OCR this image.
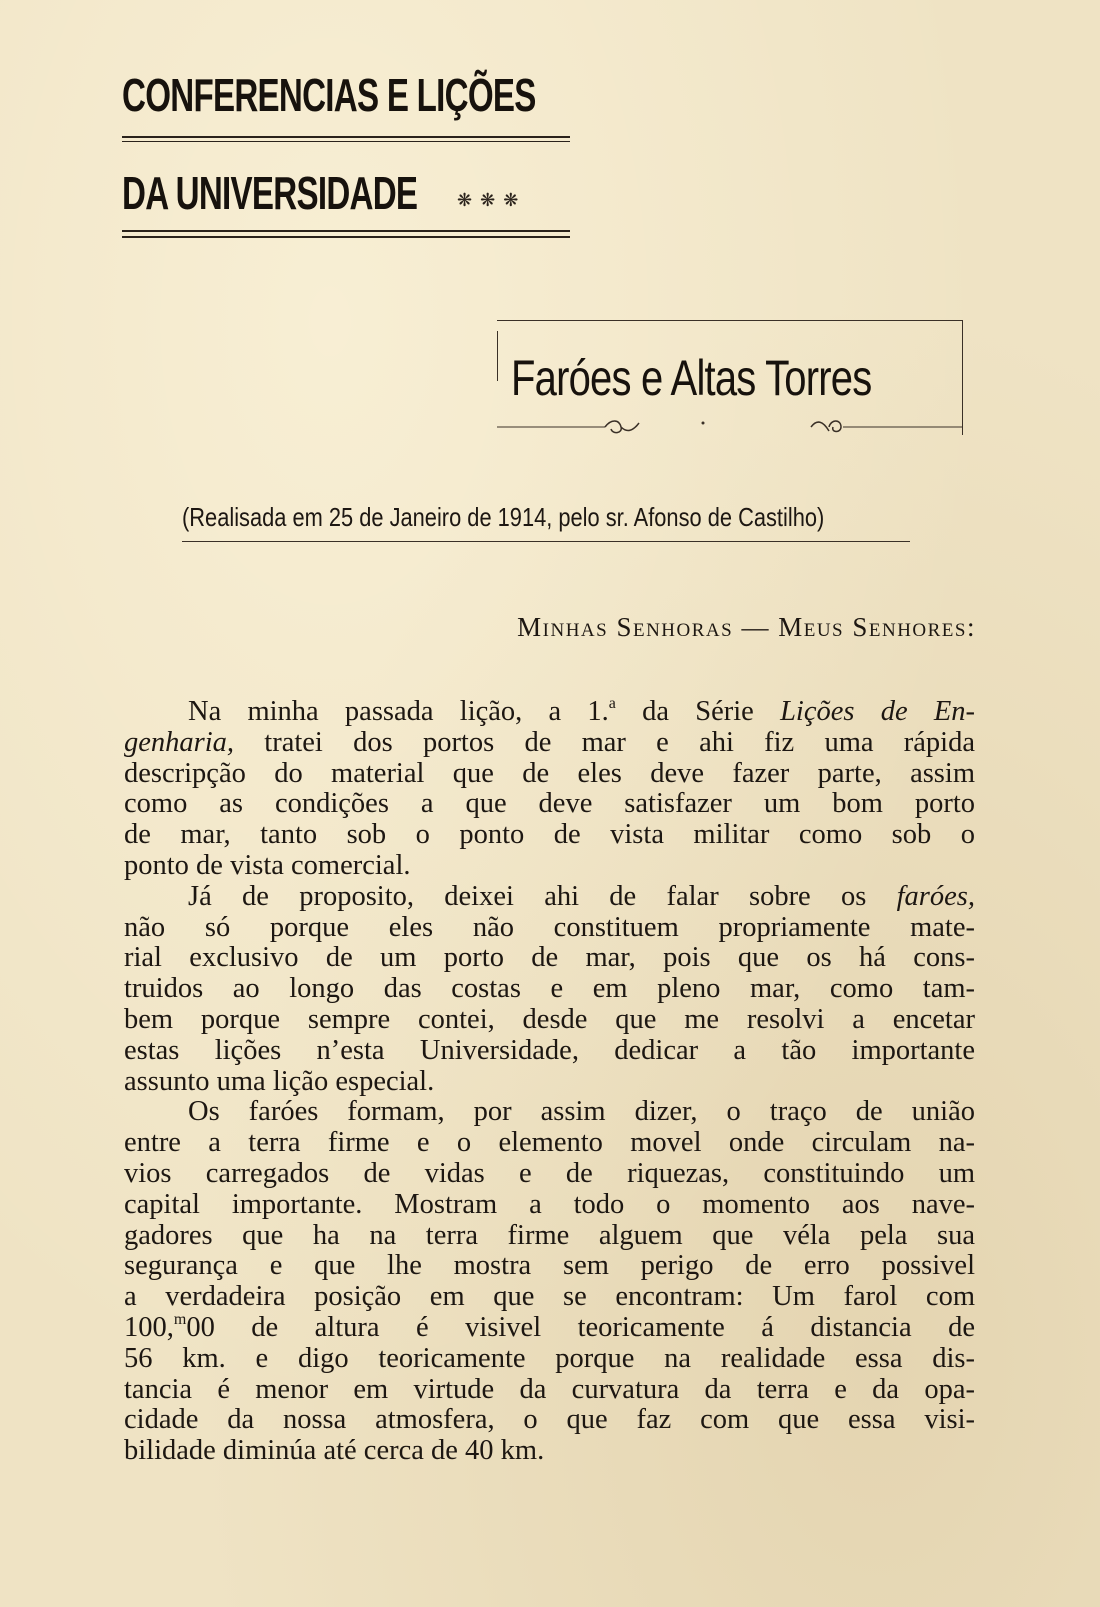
CONFERENCIAS E LIÇÕES
DA UNIVERSIDADE ❋ ❋ ❋
Faróes e Altas Torres
(Realisada em 25 de Janeiro de 1914, pelo sr. Afonso de Castilho)
Minhas Senhoras — Meus Senhores:
Na minha passada lição, a 1.$^a$ da Série Lições de En-
genharia, tratei dos portos de mar e ahi fiz uma rápida
descripção do material que de eles deve fazer parte, assim
como as condições a que deve satisfazer um bom porto
de mar, tanto sob o ponto de vista militar como sob o
ponto de vista comercial.
Já de proposito, deixei ahi de falar sobre os faróes,
não só porque eles não constituem propriamente mate-
rial exclusivo de um porto de mar, pois que os há cons-
truidos ao longo das costas e em pleno mar, como tam-
bem porque sempre contei, desde que me resolvi a encetar
estas lições n’esta Universidade, dedicar a tão importante
assunto uma lição especial.
Os faróes formam, por assim dizer, o traço de união
entre a terra firme e o elemento movel onde circulam na-
vios carregados de vidas e de riquezas, constituindo um
capital importante. Mostram a todo o momento aos nave-
gadores que ha na terra firme alguem que véla pela sua
segurança e que lhe mostra sem perigo de erro possivel
a verdadeira posição em que se encontram: Um farol com
100,$^m$00 de altura é visivel teoricamente á distancia de
56 km. e digo teoricamente porque na realidade essa dis-
tancia é menor em virtude da curvatura da terra e da opa-
cidade da nossa atmosfera, o que faz com que essa visi-
bilidade diminúa até cerca de 40 km.
